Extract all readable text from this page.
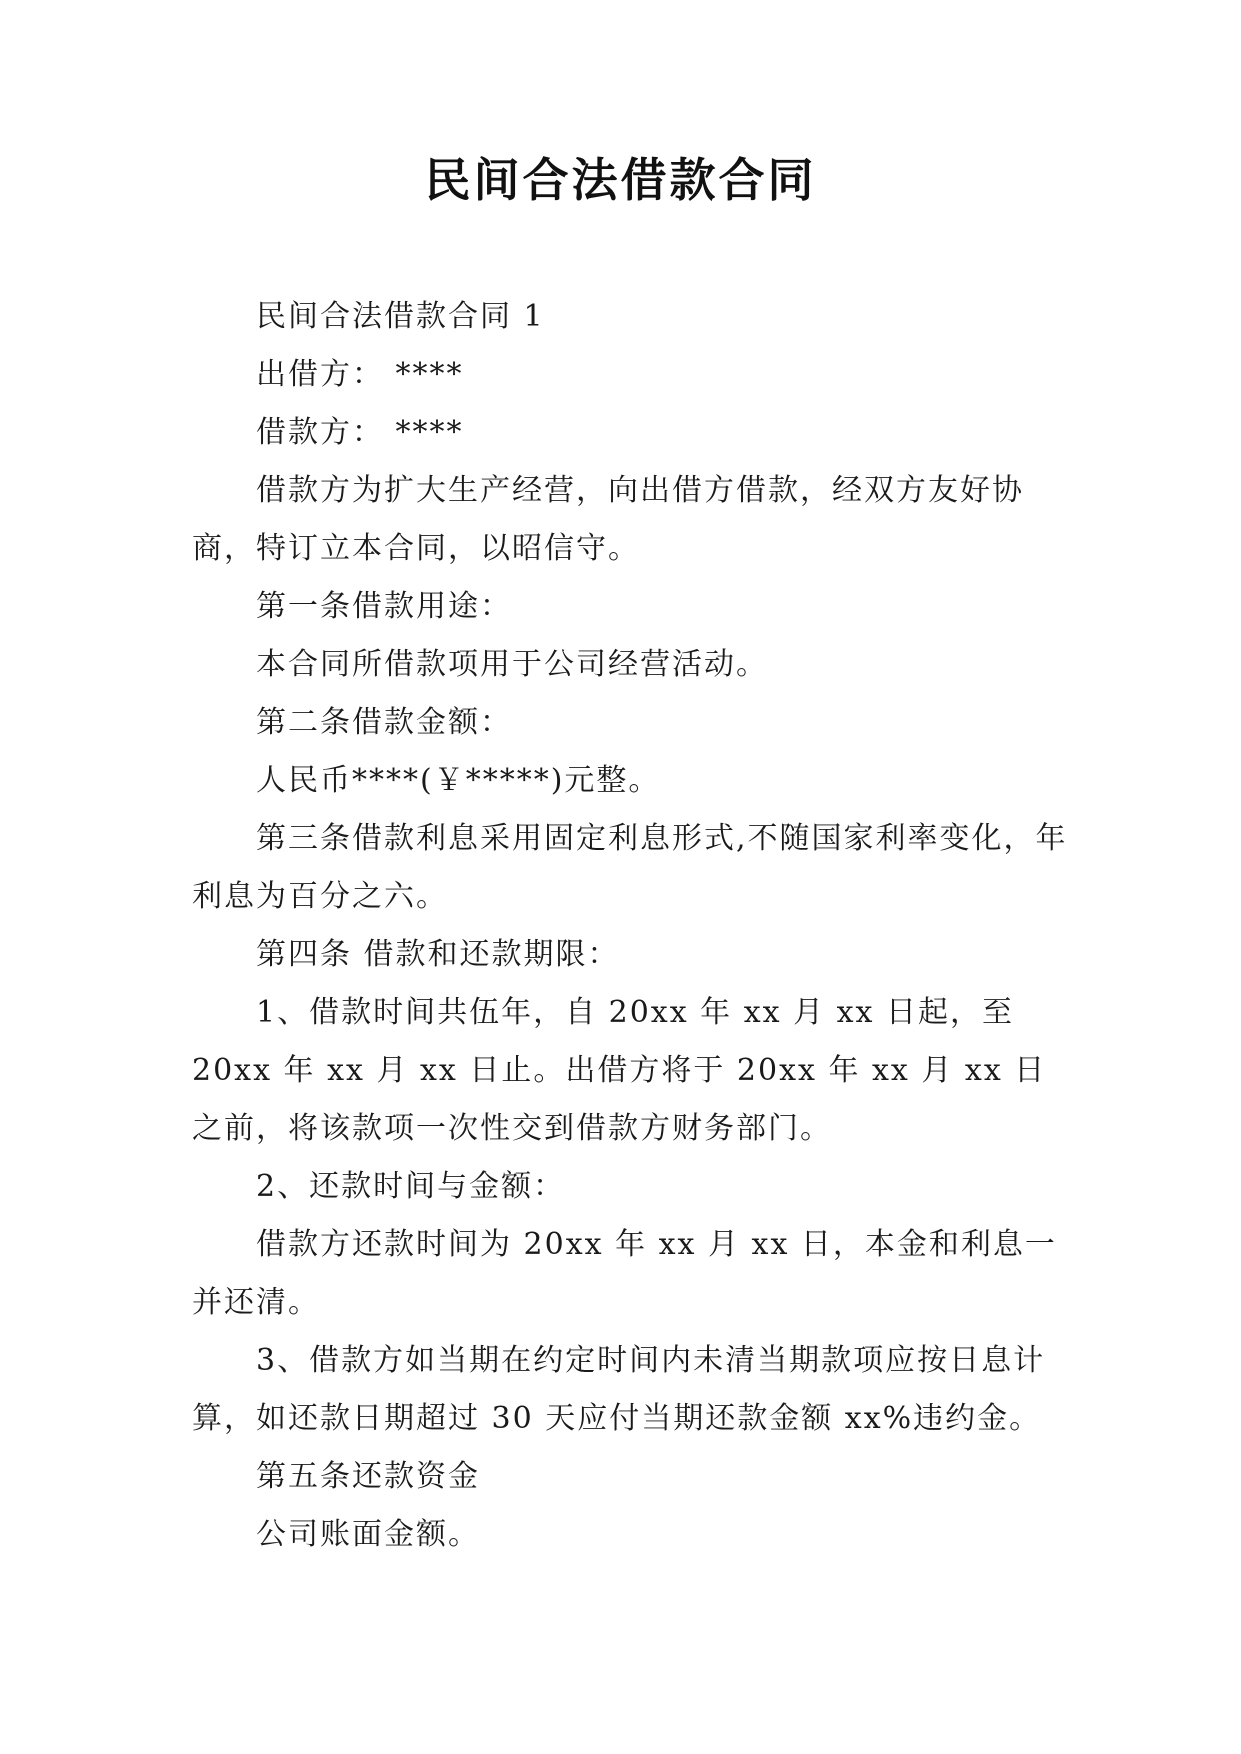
民间合法借款合同

民间合法借款合同 1

出借方： ****

借款方： ****

借款方为扩大生产经营，向出借方借款，经双方友好协商，特订立本合同，以昭信守。

第一条借款用途：

本合同所借款项用于公司经营活动。

第二条借款金额：

人民币****(￥*****)元整。

第三条借款利息采用固定利息形式,不随国家利率变化，年利息为百分之六。

第四条 借款和还款期限：

1、借款时间共伍年，自 20xx 年 xx 月 xx 日起，至 20xx 年 xx 月 xx 日止。出借方将于 20xx 年 xx 月 xx 日之前，将该款项一次性交到借款方财务部门。

2、还款时间与金额：

借款方还款时间为 20xx 年 xx 月 xx 日，本金和利息一并还清。

3、借款方如当期在约定时间内未清当期款项应按日息计算，如还款日期超过 30 天应付当期还款金额 xx%违约金。

第五条还款资金

公司账面金额。
